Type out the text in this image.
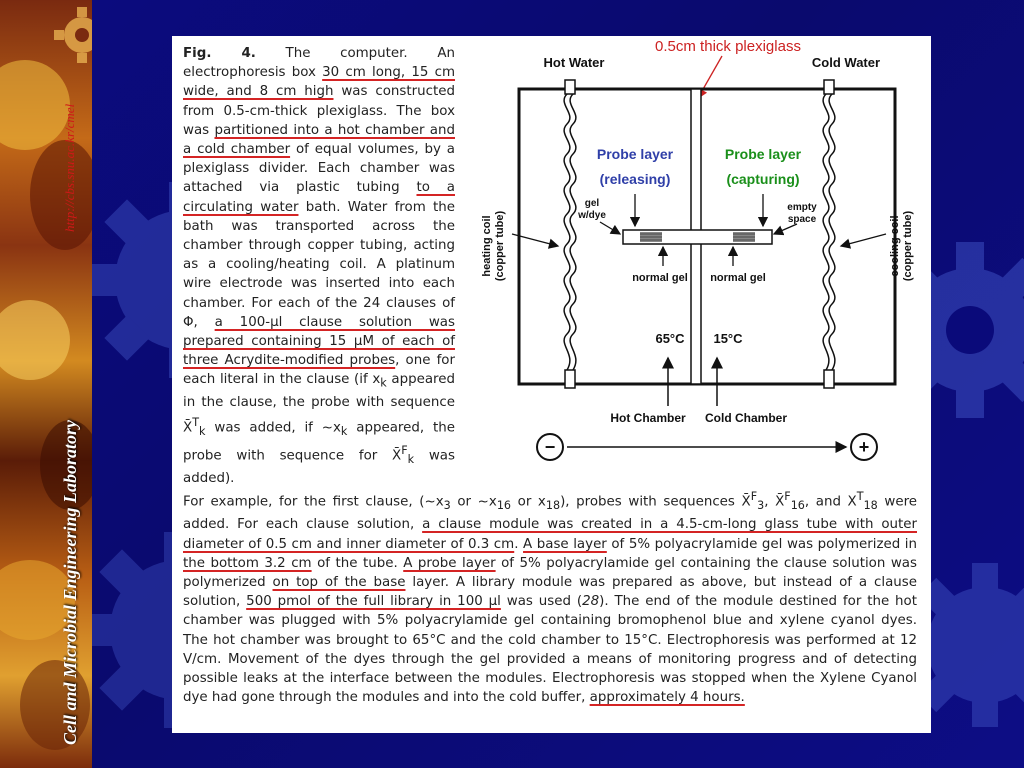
http://cbs.snu.ac.kr/cmel
Cell and Microbial Engineering Laboratory
Fig. 4. The computer. An electrophoresis box 30 cm long, 15 cm wide, and 8 cm high was constructed from 0.5-cm-thick plexiglass. The box was partitioned into a hot chamber and a cold chamber of equal volumes, by a plexiglass divider. Each chamber was attached via plastic tubing to a circulating water bath. Water from the bath was transported across the chamber through copper tubing, acting as a cooling/heating coil. A platinum wire electrode was inserted into each chamber. For each of the 24 clauses of Φ, a 100-µl clause solution was prepared containing 15 µM of each of three Acrydite-modified probes, one for each literal in the clause (if $x_k$ appeared in the clause, the probe with sequence X̄$^T_k$ was added, if $\sim x_k$ appeared, the probe with sequence for X̄$^F_k$ was added).
For example, for the first clause, ($\sim x_3$ or $\sim x_{16}$ or $x_{18}$), probes with sequences X̄$^F_3$, X̄$^F_{16}$, and $X^T_{18}$ were added. For each clause solution, a clause module was created in a 4.5-cm-long glass tube with outer diameter of 0.5 cm and inner diameter of 0.3 cm. A base layer of 5% polyacrylamide gel was polymerized in the bottom 3.2 cm of the tube. A probe layer of 5% polyacrylamide gel containing the clause solution was polymerized on top of the base layer. A library module was prepared as above, but instead of a clause solution, 500 pmol of the full library in 100 µl was used (28). The end of the module destined for the hot chamber was plugged with 5% polyacrylamide gel containing bromophenol blue and xylene cyanol dyes. The hot chamber was brought to 65°C and the cold chamber to 15°C. Electrophoresis was performed at 12 V/cm. Movement of the dyes through the gel provided a means of monitoring progress and of detecting possible leaks at the interface between the modules. Electrophoresis was stopped when the Xylene Cyanol dye had gone through the modules and into the cold buffer, approximately 4 hours.
0.5cm thick plexiglass
Hot Water	Cold Water
heating coil (copper tube)	cooling coil (copper tube)
Probe layer
(releasing)
Probe layer
(capturing)
gel
w/dye
empty
space
normal gel normal gel
65°C 15°C
Hot Chamber Cold Chamber
−	+
